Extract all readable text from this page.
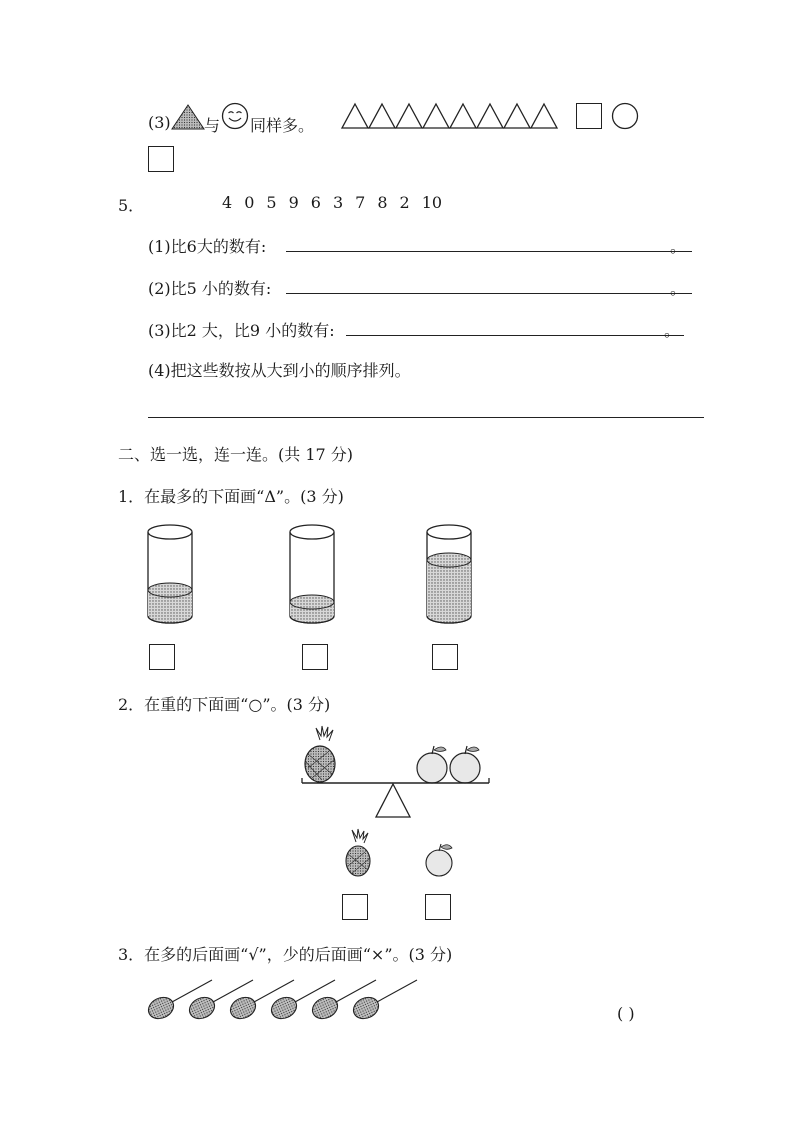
(3) 与 同样多。
5．	4 0 5 9 6 3 7 8 2 10
(1)比6大的数有:	。
(2)比5 小的数有:	。
(3)比2 大，比9 小的数有:	。
(4)把这些数按从大到小的顺序排列。
二、选一选，连一连。(共 17 分)
1．在最多的下面画“Δ”。(3 分)
2．在重的下面画“○”。(3 分)
3．在多的后面画“√”，少的后面画“×”。(3 分)
( )
